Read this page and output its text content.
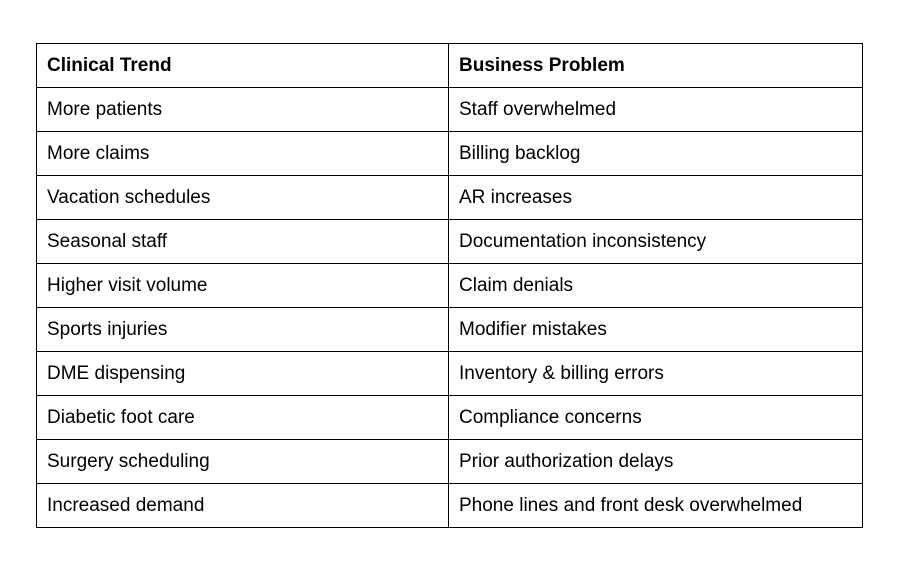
Clinical Trend	Business Problem
More patients	Staff overwhelmed
More claims	Billing backlog
Vacation schedules	AR increases
Seasonal staff	Documentation inconsistency
Higher visit volume	Claim denials
Sports injuries	Modifier mistakes
DME dispensing	Inventory & billing errors
Diabetic foot care	Compliance concerns
Surgery scheduling	Prior authorization delays
Increased demand	Phone lines and front desk overwhelmed
